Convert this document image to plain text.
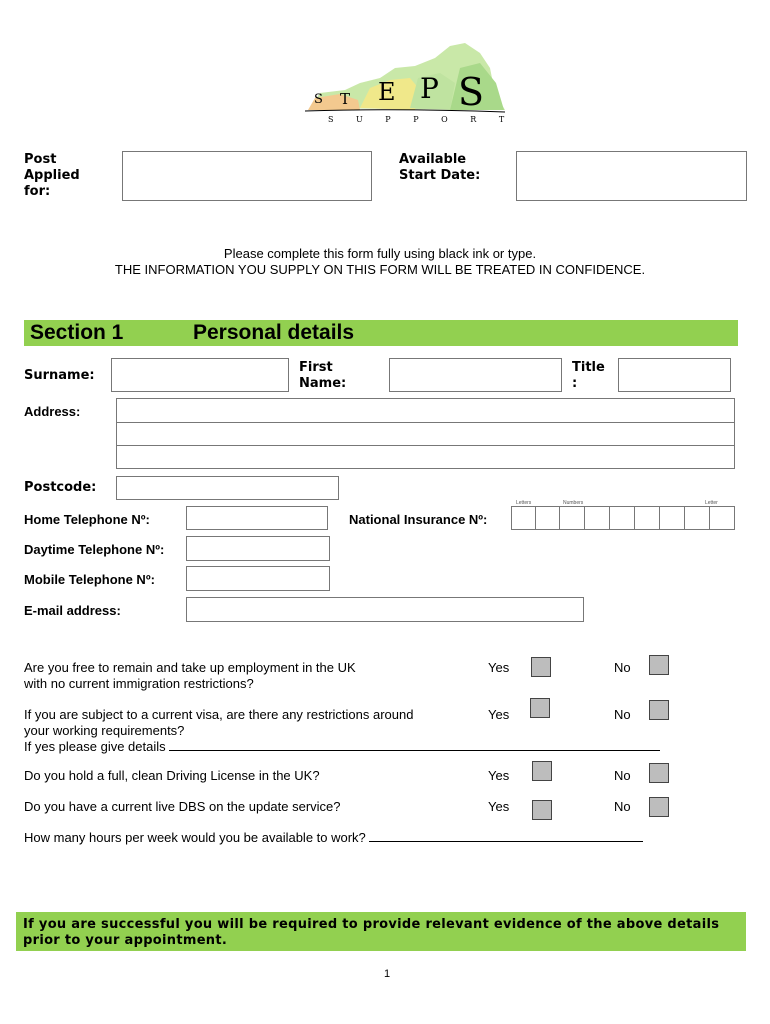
S T E P S
S U P P O R T
Post Applied for:
Available Start Date:
Please complete this form fully using black ink or type.
THE INFORMATION YOU SUPPLY ON THIS FORM WILL BE TREATED IN CONFIDENCE.
Section 1	Personal details
Surname:
First Name:
Title :
Address:
Postcode:
Home Telephone Nº:	National Insurance Nº:
Letters	Numbers	Letter
Daytime Telephone Nº:
Mobile Telephone Nº:
E-mail address:
Are you free to remain and take up employment in the UK
with no current immigration restrictions?
Yes	No
If you are subject to a current visa, are there any restrictions around
your working requirements?
If yes please give details
Yes	No
Do you hold a full, clean Driving License in the UK?	Yes	No
Do you have a current live DBS on the update service?	Yes	No
How many hours per week would you be available to work?
If you are successful you will be required to provide relevant evidence of the above details prior to your appointment.
1
